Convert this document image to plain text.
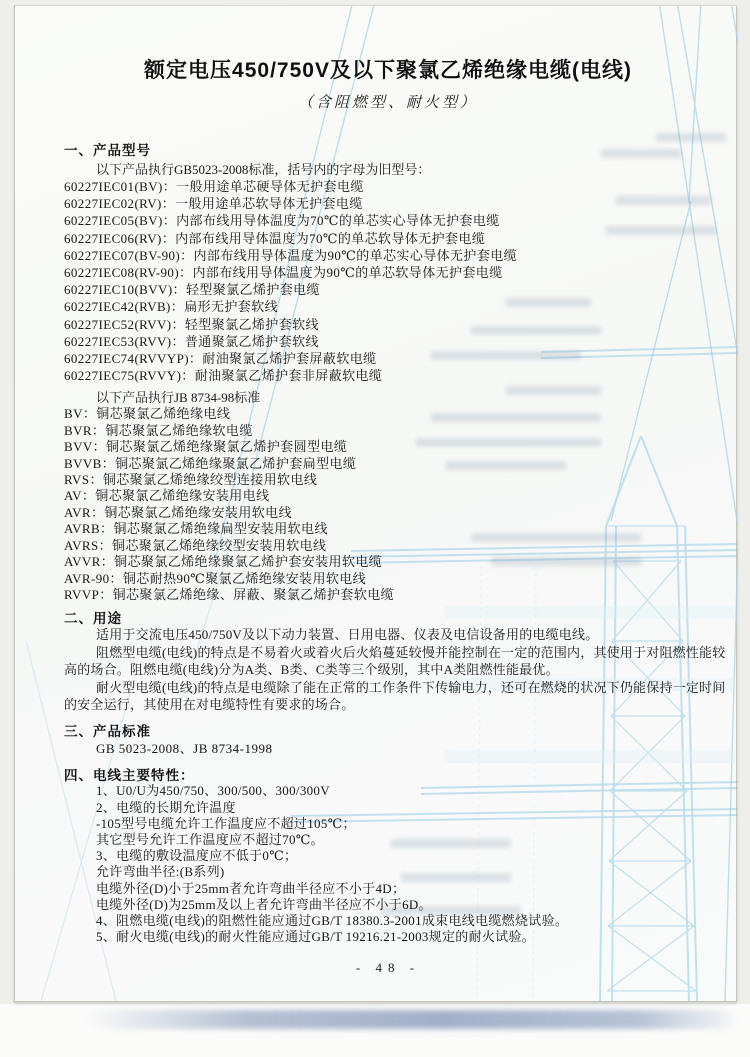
额定电压450/750V及以下聚氯乙烯绝缘电缆(电线)
（含阻燃型、耐火型）
一、产品型号
以下产品执行GB5023-2008标准，括号内的字母为旧型号：
60227IEC01(BV)：一般用途单芯硬导体无护套电缆
60227IEC02(RV)：一般用途单芯软导体无护套电缆
60227IEC05(BV)：内部布线用导体温度为70℃的单芯实心导体无护套电缆
60227IEC06(RV)：内部布线用导体温度为70℃的单芯软导体无护套电缆
60227IEC07(BV-90)：内部布线用导体温度为90℃的单芯实心导体无护套电缆
60227IEC08(RV-90)：内部布线用导体温度为90℃的单芯软导体无护套电缆
60227IEC10(BVV)：轻型聚氯乙烯护套电缆
60227IEC42(RVB)：扁形无护套软线
60227IEC52(RVV)：轻型聚氯乙烯护套软线
60227IEC53(RVV)：普通聚氯乙烯护套软线
60227IEC74(RVVYP)：耐油聚氯乙烯护套屏蔽软电缆
60227IEC75(RVVY)：耐油聚氯乙烯护套非屏蔽软电缆
以下产品执行JB 8734-98标准
BV：铜芯聚氯乙烯绝缘电线
BVR：铜芯聚氯乙烯绝缘软电缆
BVV：铜芯聚氯乙烯绝缘聚氯乙烯护套圆型电缆
BVVB：铜芯聚氯乙烯绝缘聚氯乙烯护套扁型电缆
RVS：铜芯聚氯乙烯绝缘绞型连接用软电线
AV：铜芯聚氯乙烯绝缘安装用电线
AVR：铜芯聚氯乙烯绝缘安装用软电线
AVRB：铜芯聚氯乙烯绝缘扁型安装用软电线
AVRS：铜芯聚氯乙烯绝缘绞型安装用软电线
AVVR：铜芯聚氯乙烯绝缘聚氯乙烯护套安装用软电缆
AVR-90：铜芯耐热90℃聚氯乙烯绝缘安装用软电线
RVVP：铜芯聚氯乙烯绝缘、屏蔽、聚氯乙烯护套软电缆
二、用途
适用于交流电压450/750V及以下动力装置、日用电器、仪表及电信设备用的电缆电线。
阻燃型电缆(电线)的特点是不易着火或着火后火焰蔓延较慢并能控制在一定的范围内，其使用于对阻燃性能较
高的场合。阻燃电缆(电线)分为A类、B类、C类等三个级别，其中A类阻燃性能最优。
耐火型电缆(电线)的特点是电缆除了能在正常的工作条件下传输电力，还可在燃烧的状况下仍能保持一定时间
的安全运行，其使用在对电缆特性有要求的场合。
三、产品标准
GB 5023-2008、JB 8734-1998
四、电线主要特性：
1、U0/U为450/750、300/500、300/300V
2、电缆的长期允许温度
-105型号电缆允许工作温度应不超过105℃；
其它型号允许工作温度应不超过70℃。
3、电缆的敷设温度应不低于0℃；
允许弯曲半径:(B系列)
电缆外径(D)小于25mm者允许弯曲半径应不小于4D；
电缆外径(D)为25mm及以上者允许弯曲半径应不小于6D。
4、阻燃电缆(电线)的阻燃性能应通过GB/T 18380.3-2001成束电线电缆燃烧试验。
5、耐火电缆(电线)的耐火性能应通过GB/T 19216.21-2003规定的耐火试验。
- 48 -
